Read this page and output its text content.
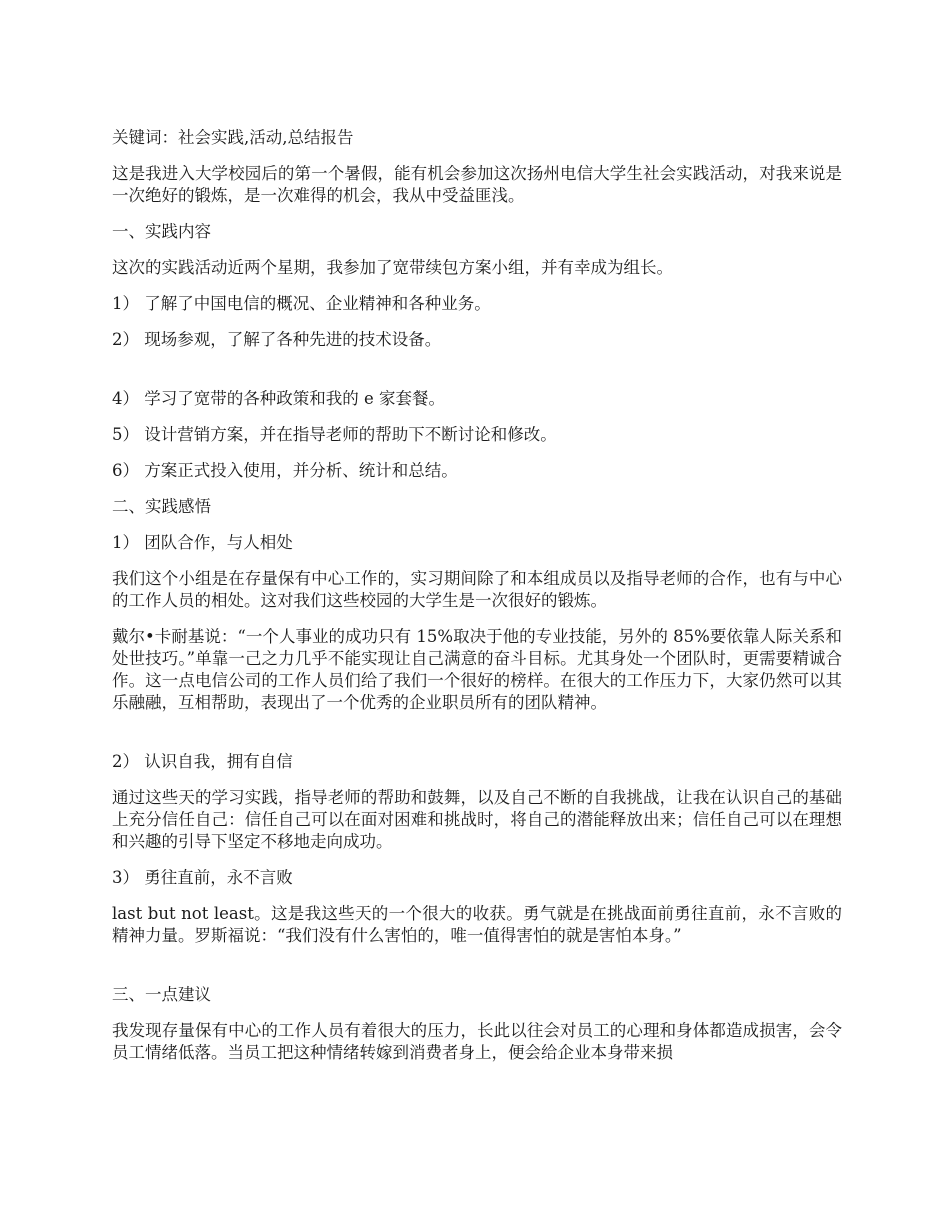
关键词：社会实践,活动,总结报告

这是我进入大学校园后的第一个暑假，能有机会参加这次扬州电信大学生社会实践活动，对我来说是一次绝好的锻炼，是一次难得的机会，我从中受益匪浅。

一、实践内容

这次的实践活动近两个星期，我参加了宽带续包方案小组，并有幸成为组长。

1） 了解了中国电信的概况、企业精神和各种业务。

2） 现场参观，了解了各种先进的技术设备。

4） 学习了宽带的各种政策和我的 e 家套餐。

5） 设计营销方案，并在指导老师的帮助下不断讨论和修改。

6） 方案正式投入使用，并分析、统计和总结。

二、实践感悟

1） 团队合作，与人相处

我们这个小组是在存量保有中心工作的，实习期间除了和本组成员以及指导老师的合作，也有与中心的工作人员的相处。这对我们这些校园的大学生是一次很好的锻炼。

戴尔•卡耐基说：“一个人事业的成功只有 15%取决于他的专业技能，另外的 85%要依靠人际关系和处世技巧。”单靠一己之力几乎不能实现让自己满意的奋斗目标。尤其身处一个团队时，更需要精诚合作。这一点电信公司的工作人员们给了我们一个很好的榜样。在很大的工作压力下，大家仍然可以其乐融融，互相帮助，表现出了一个优秀的企业职员所有的团队精神。

2） 认识自我，拥有自信

通过这些天的学习实践，指导老师的帮助和鼓舞，以及自己不断的自我挑战，让我在认识自己的基础上充分信任自己：信任自己可以在面对困难和挑战时，将自己的潜能释放出来；信任自己可以在理想和兴趣的引导下坚定不移地走向成功。

3） 勇往直前，永不言败

last but not least。这是我这些天的一个很大的收获。勇气就是在挑战面前勇往直前，永不言败的精神力量。罗斯福说：“我们没有什么害怕的，唯一值得害怕的就是害怕本身。”

三、一点建议

我发现存量保有中心的工作人员有着很大的压力，长此以往会对员工的心理和身体都造成损害，会令员工情绪低落。当员工把这种情绪转嫁到消费者身上，便会给企业本身带来损
